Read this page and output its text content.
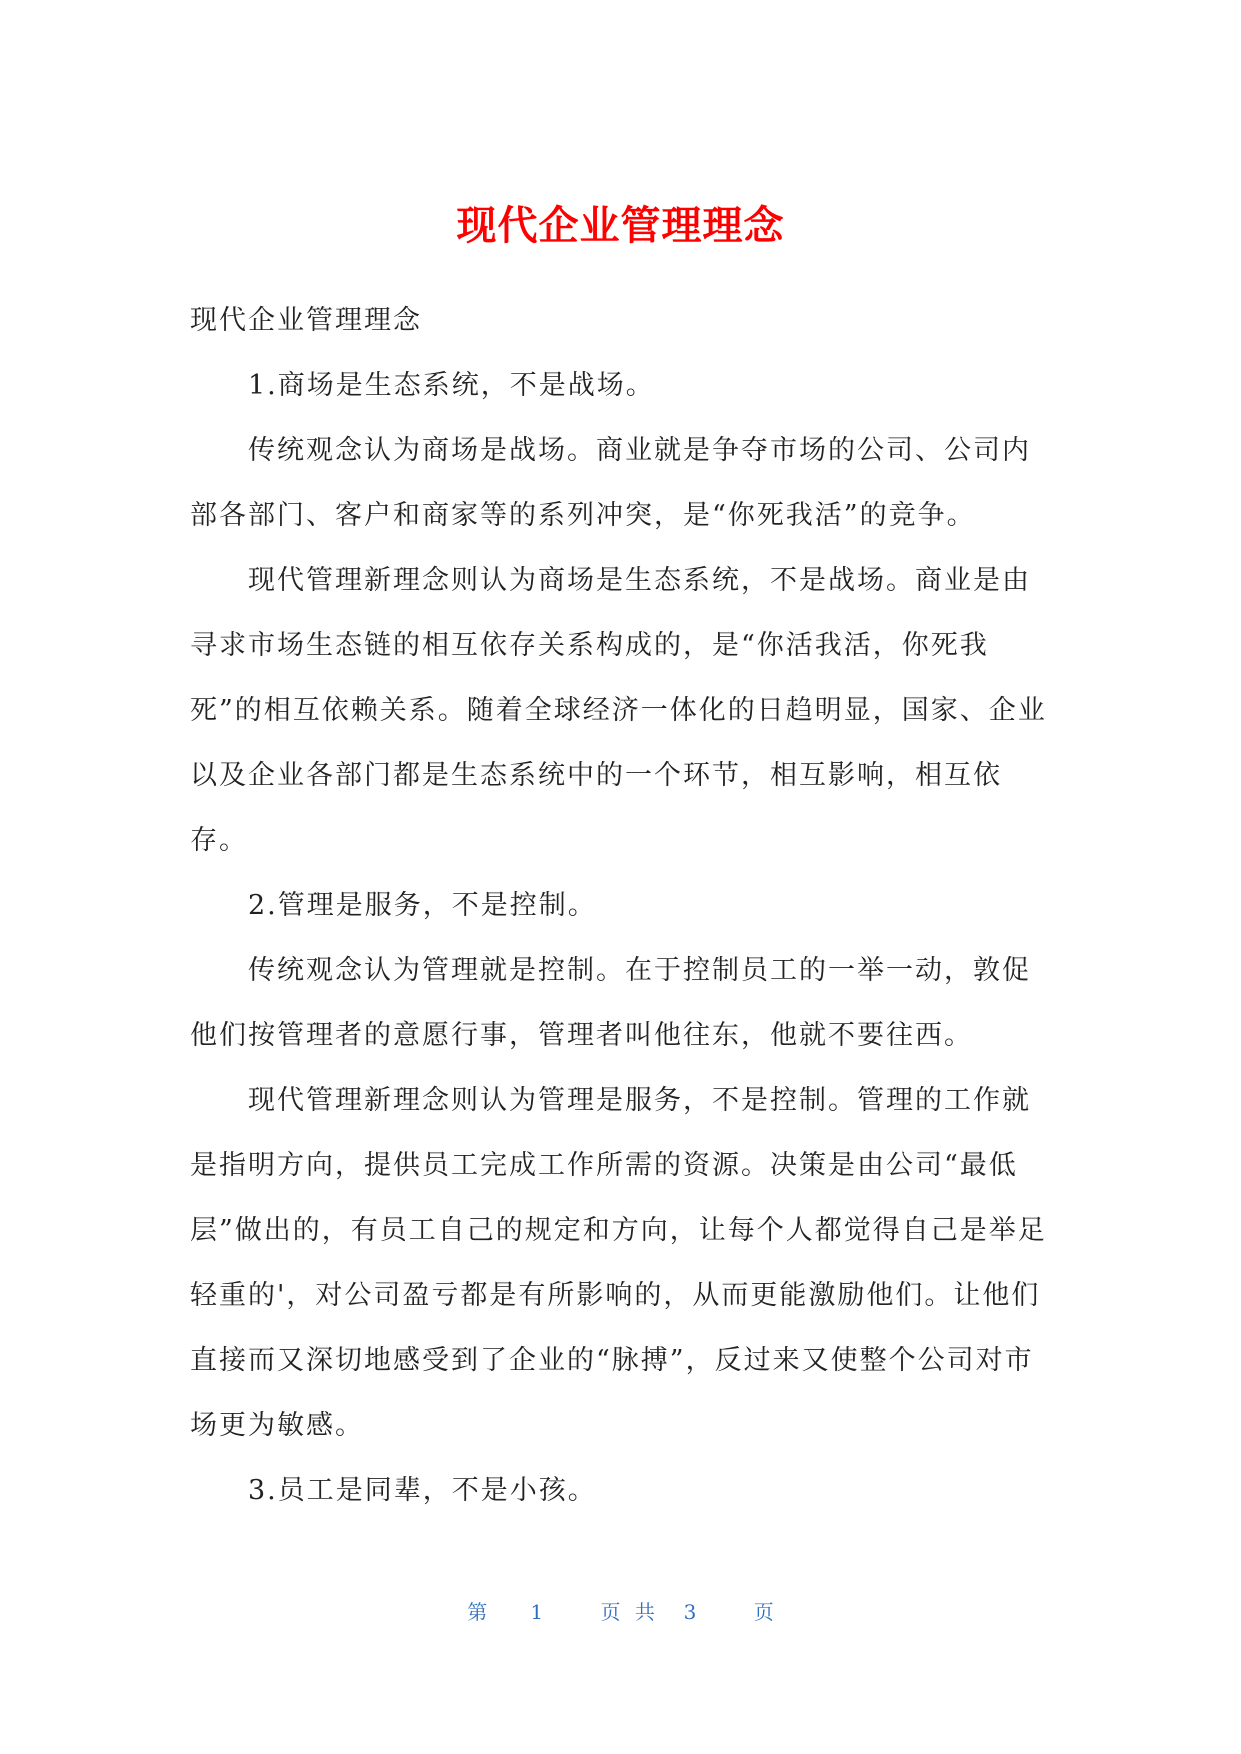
现代企业管理理念

现代企业管理理念

1.商场是生态系统，不是战场。

传统观念认为商场是战场。商业就是争夺市场的公司、公司内部各部门、客户和商家等的系列冲突，是“你死我活”的竞争。

现代管理新理念则认为商场是生态系统，不是战场。商业是由寻求市场生态链的相互依存关系构成的，是“你活我活，你死我死”的相互依赖关系。随着全球经济一体化的日趋明显，国家、企业以及企业各部门都是生态系统中的一个环节，相互影响，相互依存。

2.管理是服务，不是控制。

传统观念认为管理就是控制。在于控制员工的一举一动，敦促他们按管理者的意愿行事，管理者叫他往东，他就不要往西。

现代管理新理念则认为管理是服务，不是控制。管理的工作就是指明方向，提供员工完成工作所需的资源。决策是由公司“最低层”做出的，有员工自己的规定和方向，让每个人都觉得自己是举足轻重的'，对公司盈亏都是有所影响的，从而更能激励他们。让他们直接而又深切地感受到了企业的“脉搏”，反过来又使整个公司对市场更为敏感。

3.员工是同辈，不是小孩。

第 1	页 共 3	页
